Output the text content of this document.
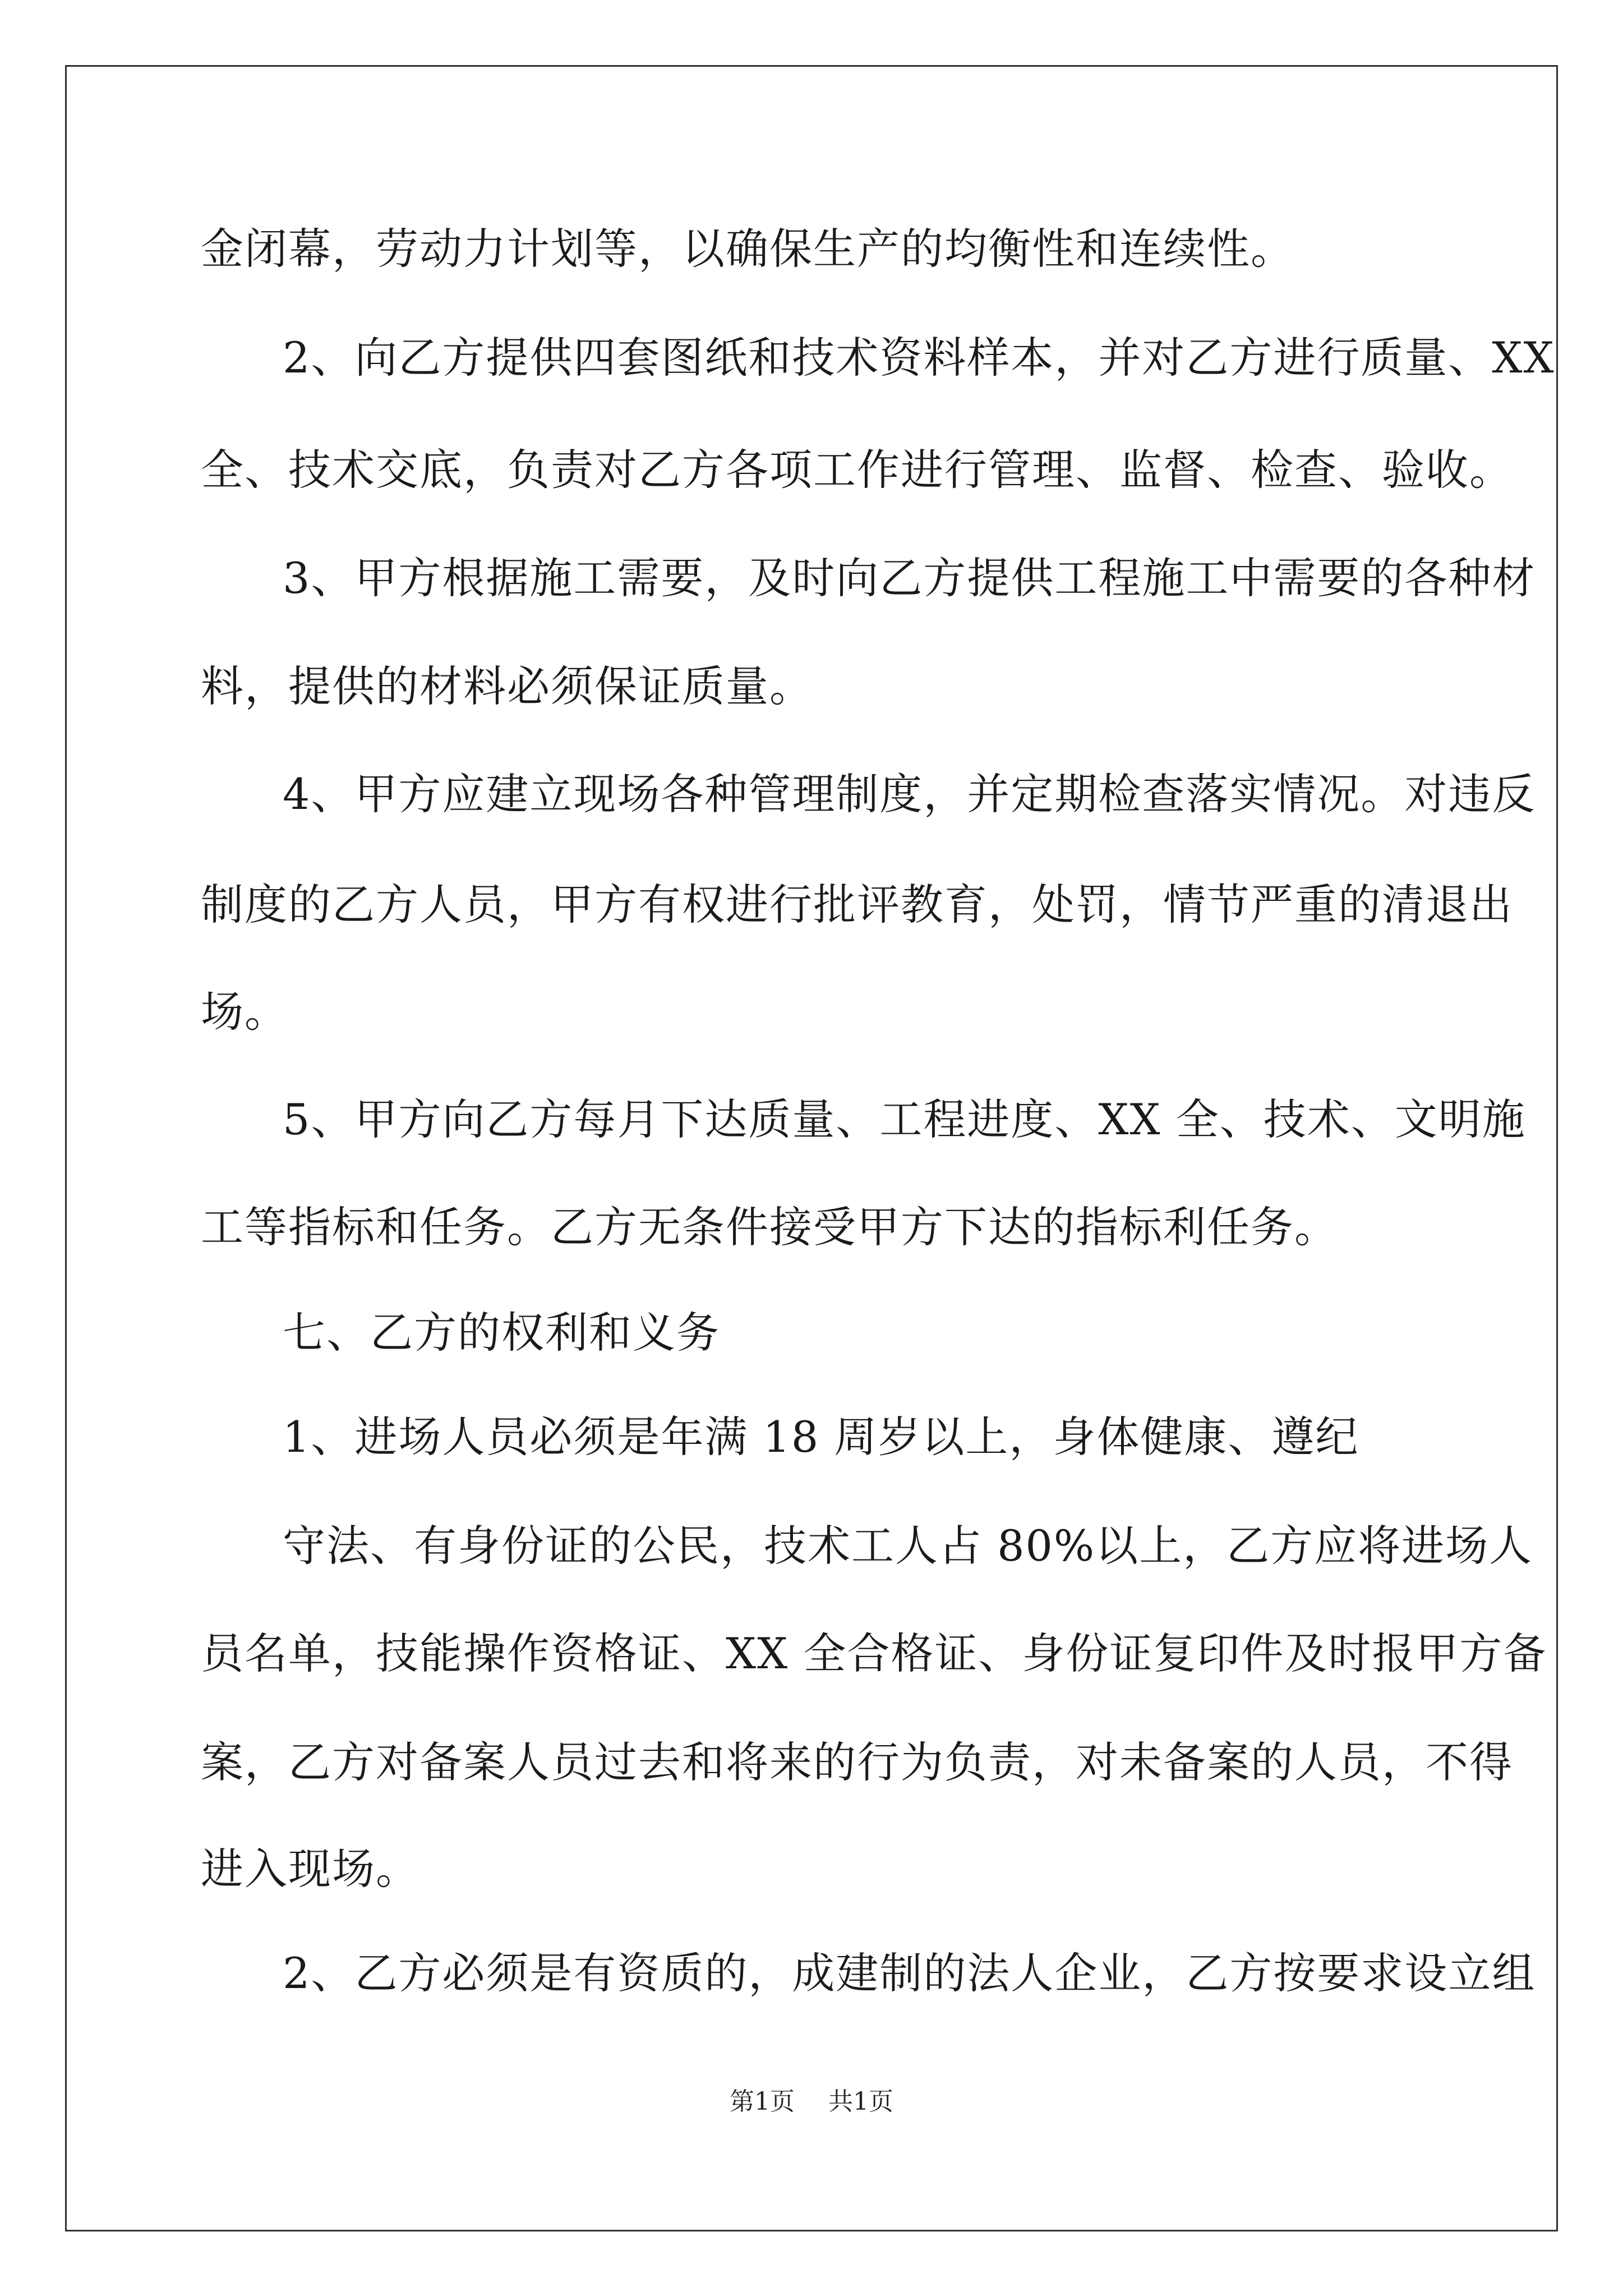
金闭幕，劳动力计划等，以确保生产的均衡性和连续性。
2、向乙方提供四套图纸和技术资料样本，并对乙方进行质量、XX
全、技术交底，负责对乙方各项工作进行管理、监督、检查、验收。
3、甲方根据施工需要，及时向乙方提供工程施工中需要的各种材
料，提供的材料必须保证质量。
4、甲方应建立现场各种管理制度，并定期检查落实情况。对违反
制度的乙方人员，甲方有权进行批评教育，处罚，情节严重的清退出
场。
5、甲方向乙方每月下达质量、工程进度、XX 全、技术、文明施
工等指标和任务。乙方无条件接受甲方下达的指标利任务。
七、乙方的权利和义务
1、进场人员必须是年满 18 周岁以上，身体健康、遵纪
守法、有身份证的公民，技术工人占 80%以上，乙方应将进场人
员名单，技能操作资格证、XX 全合格证、身份证复印件及时报甲方备
案，乙方对备案人员过去和将来的行为负责，对未备案的人员，不得
进入现场。
2、乙方必须是有资质的，成建制的法人企业，乙方按要求设立组
第1页 共1页
